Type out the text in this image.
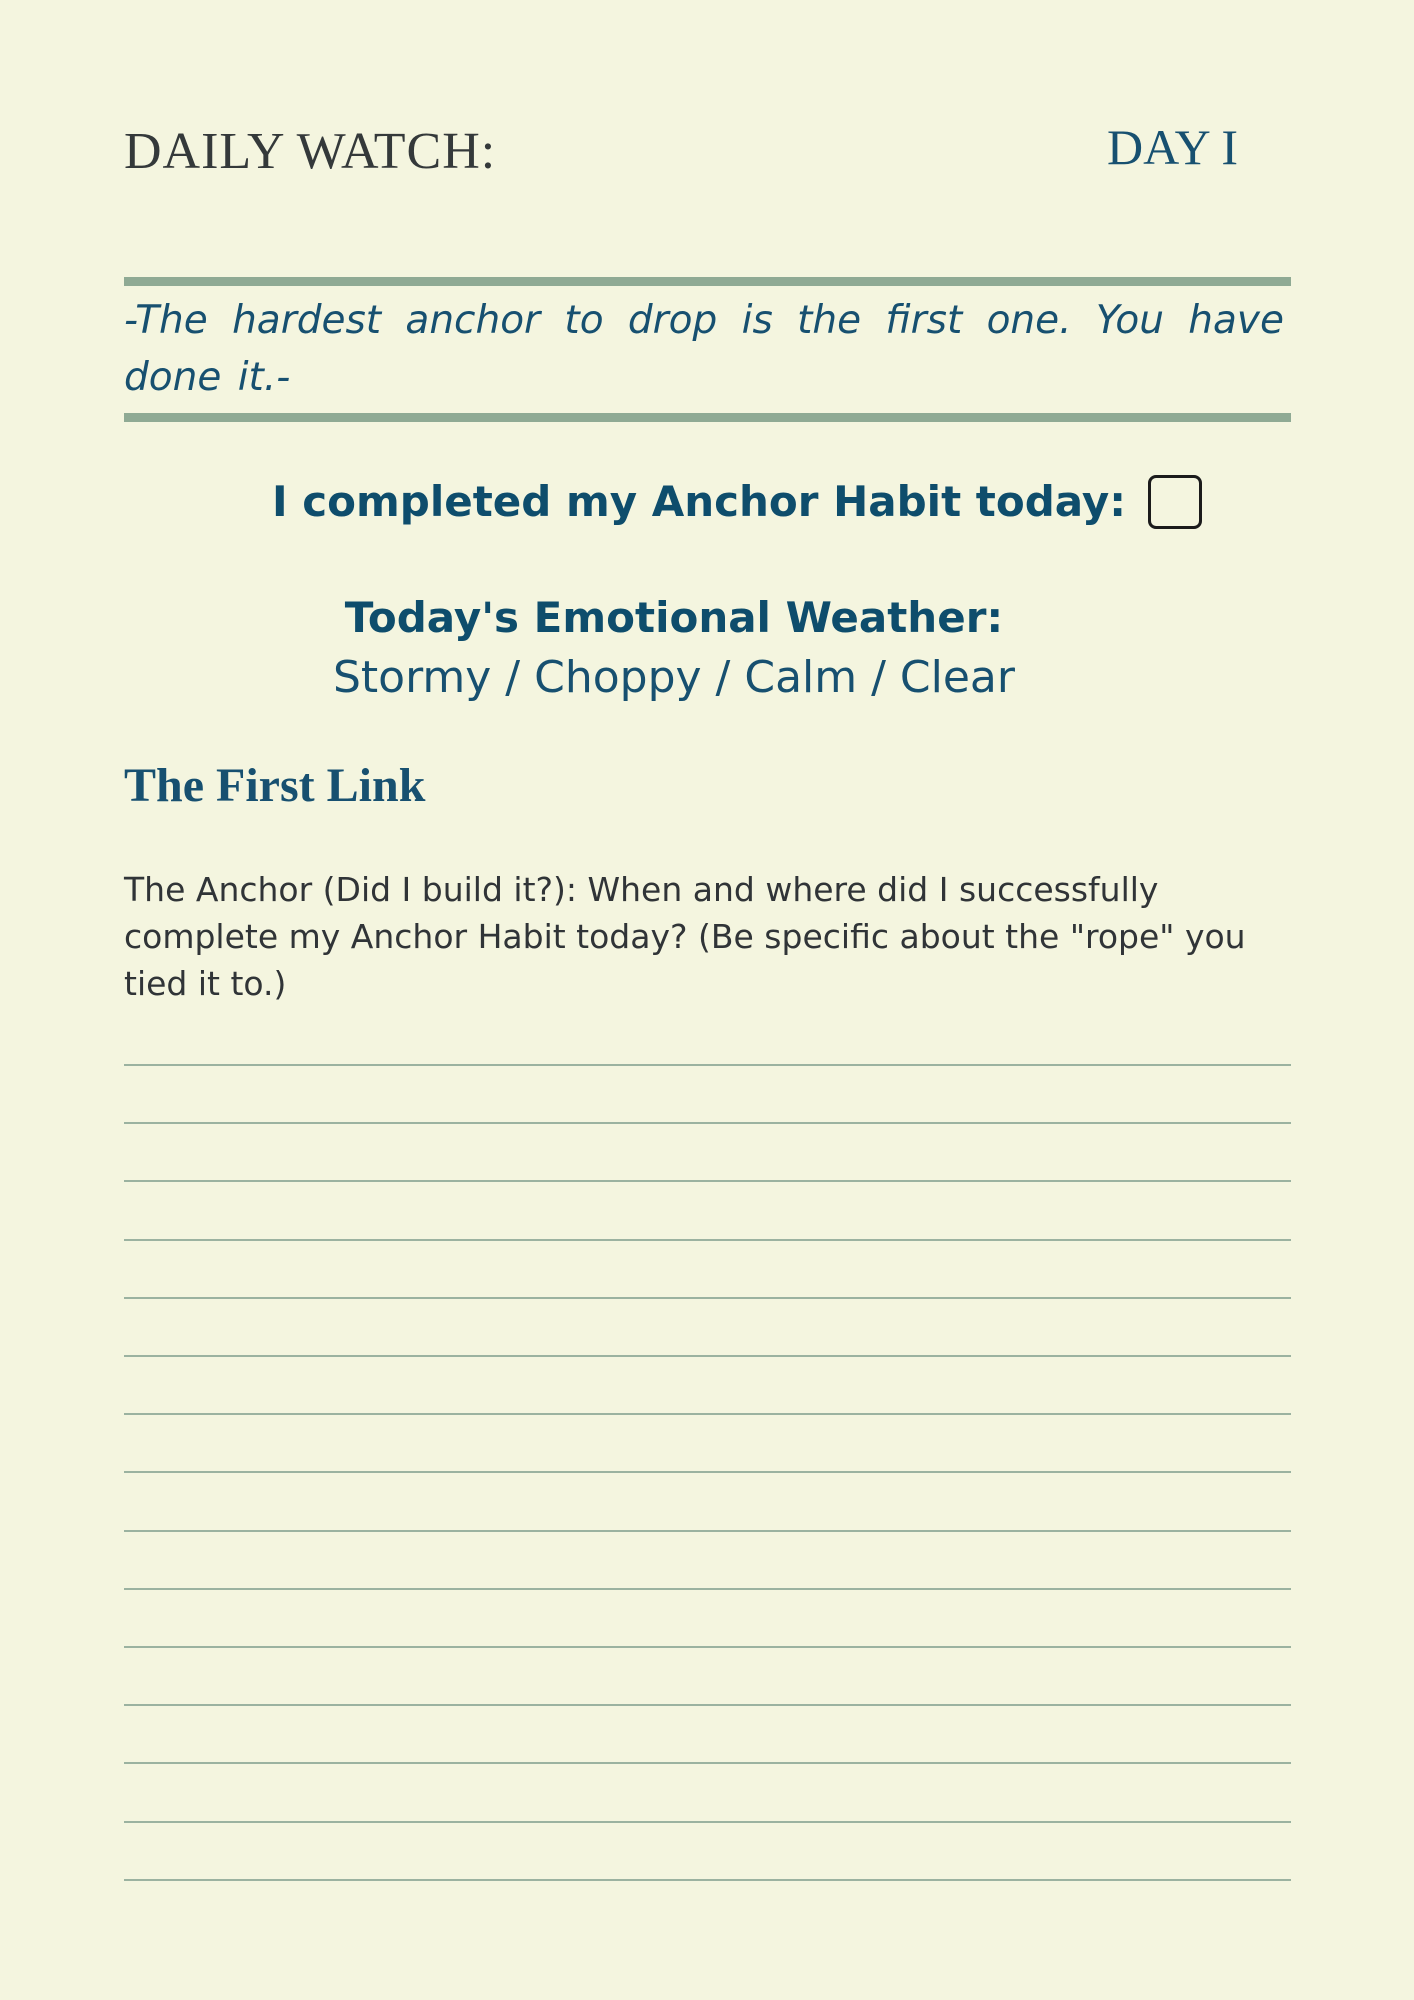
DAILY WATCH:	DAY I
-The hardest anchor to drop is the first one. You have done it.-
I completed my Anchor Habit today:
Today's Emotional Weather:
Stormy / Choppy / Calm / Clear
The First Link
The Anchor (Did I build it?): When and where did I successfully complete my Anchor Habit today? (Be specific about the "rope" you tied it to.)
